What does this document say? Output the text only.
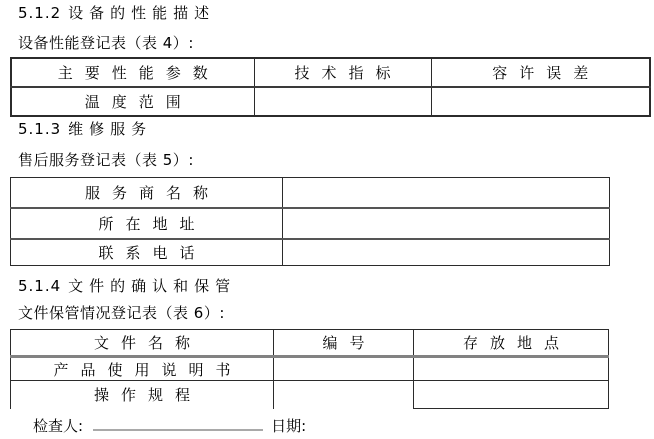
5.1.2 设备的性能描述
设备性能登记表（表 4）:
主要性能参数	技术指标	容许误差
温度范围		
5.1.3 维修服务
售后服务登记表（表 5）:
服务商名称	
所在地址	
联系电话	
5.1.4 文件的确认和保管
文件保管情况登记表（表 6）:
文件名称	编号	存放地点
产品使用说明书		
操作规程		
检查人:	日期:
